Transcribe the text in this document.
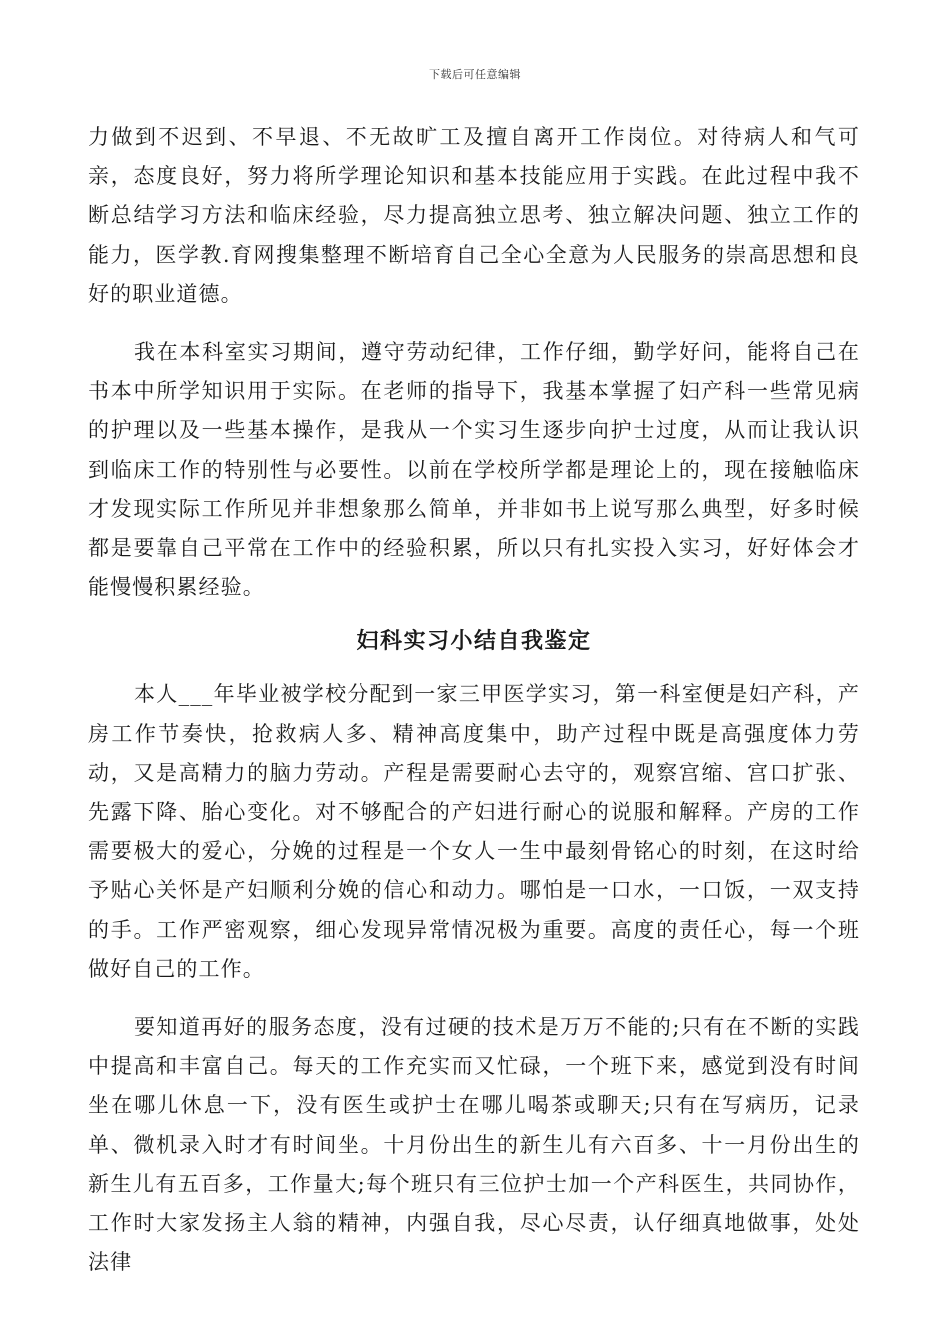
下载后可任意编辑

力做到不迟到、不早退、不无故旷工及擅自离开工作岗位。对待病人和气可亲，态度良好，努力将所学理论知识和基本技能应用于实践。在此过程中我不断总结学习方法和临床经验，尽力提高独立思考、独立解决问题、独立工作的能力，医学教.育网搜集整理不断培育自己全心全意为人民服务的崇高思想和良好的职业道德。

我在本科室实习期间，遵守劳动纪律，工作仔细，勤学好问，能将自己在书本中所学知识用于实际。在老师的指导下，我基本掌握了妇产科一些常见病的护理以及一些基本操作，是我从一个实习生逐步向护士过度，从而让我认识到临床工作的特别性与必要性。以前在学校所学都是理论上的，现在接触临床才发现实际工作所见并非想象那么简单，并非如书上说写那么典型，好多时候都是要靠自己平常在工作中的经验积累，所以只有扎实投入实习，好好体会才能慢慢积累经验。

妇科实习小结自我鉴定

本人___年毕业被学校分配到一家三甲医学实习，第一科室便是妇产科，产房工作节奏快，抢救病人多、精神高度集中，助产过程中既是高强度体力劳动，又是高精力的脑力劳动。产程是需要耐心去守的，观察宫缩、宫口扩张、先露下降、胎心变化。对不够配合的产妇进行耐心的说服和解释。产房的工作需要极大的爱心，分娩的过程是一个女人一生中最刻骨铭心的时刻，在这时给予贴心关怀是产妇顺利分娩的信心和动力。哪怕是一口水，一口饭，一双支持的手。工作严密观察，细心发现异常情况极为重要。高度的责任心，每一个班做好自己的工作。

要知道再好的服务态度，没有过硬的技术是万万不能的;只有在不断的实践中提高和丰富自己。每天的工作充实而又忙碌，一个班下来，感觉到没有时间坐在哪儿休息一下，没有医生或护士在哪儿喝茶或聊天;只有在写病历，记录单、微机录入时才有时间坐。十月份出生的新生儿有六百多、十一月份出生的新生儿有五百多，工作量大;每个班只有三位护士加一个产科医生，共同协作，工作时大家发扬主人翁的精神，内强自我，尽心尽责，认仔细真地做事，处处法律
